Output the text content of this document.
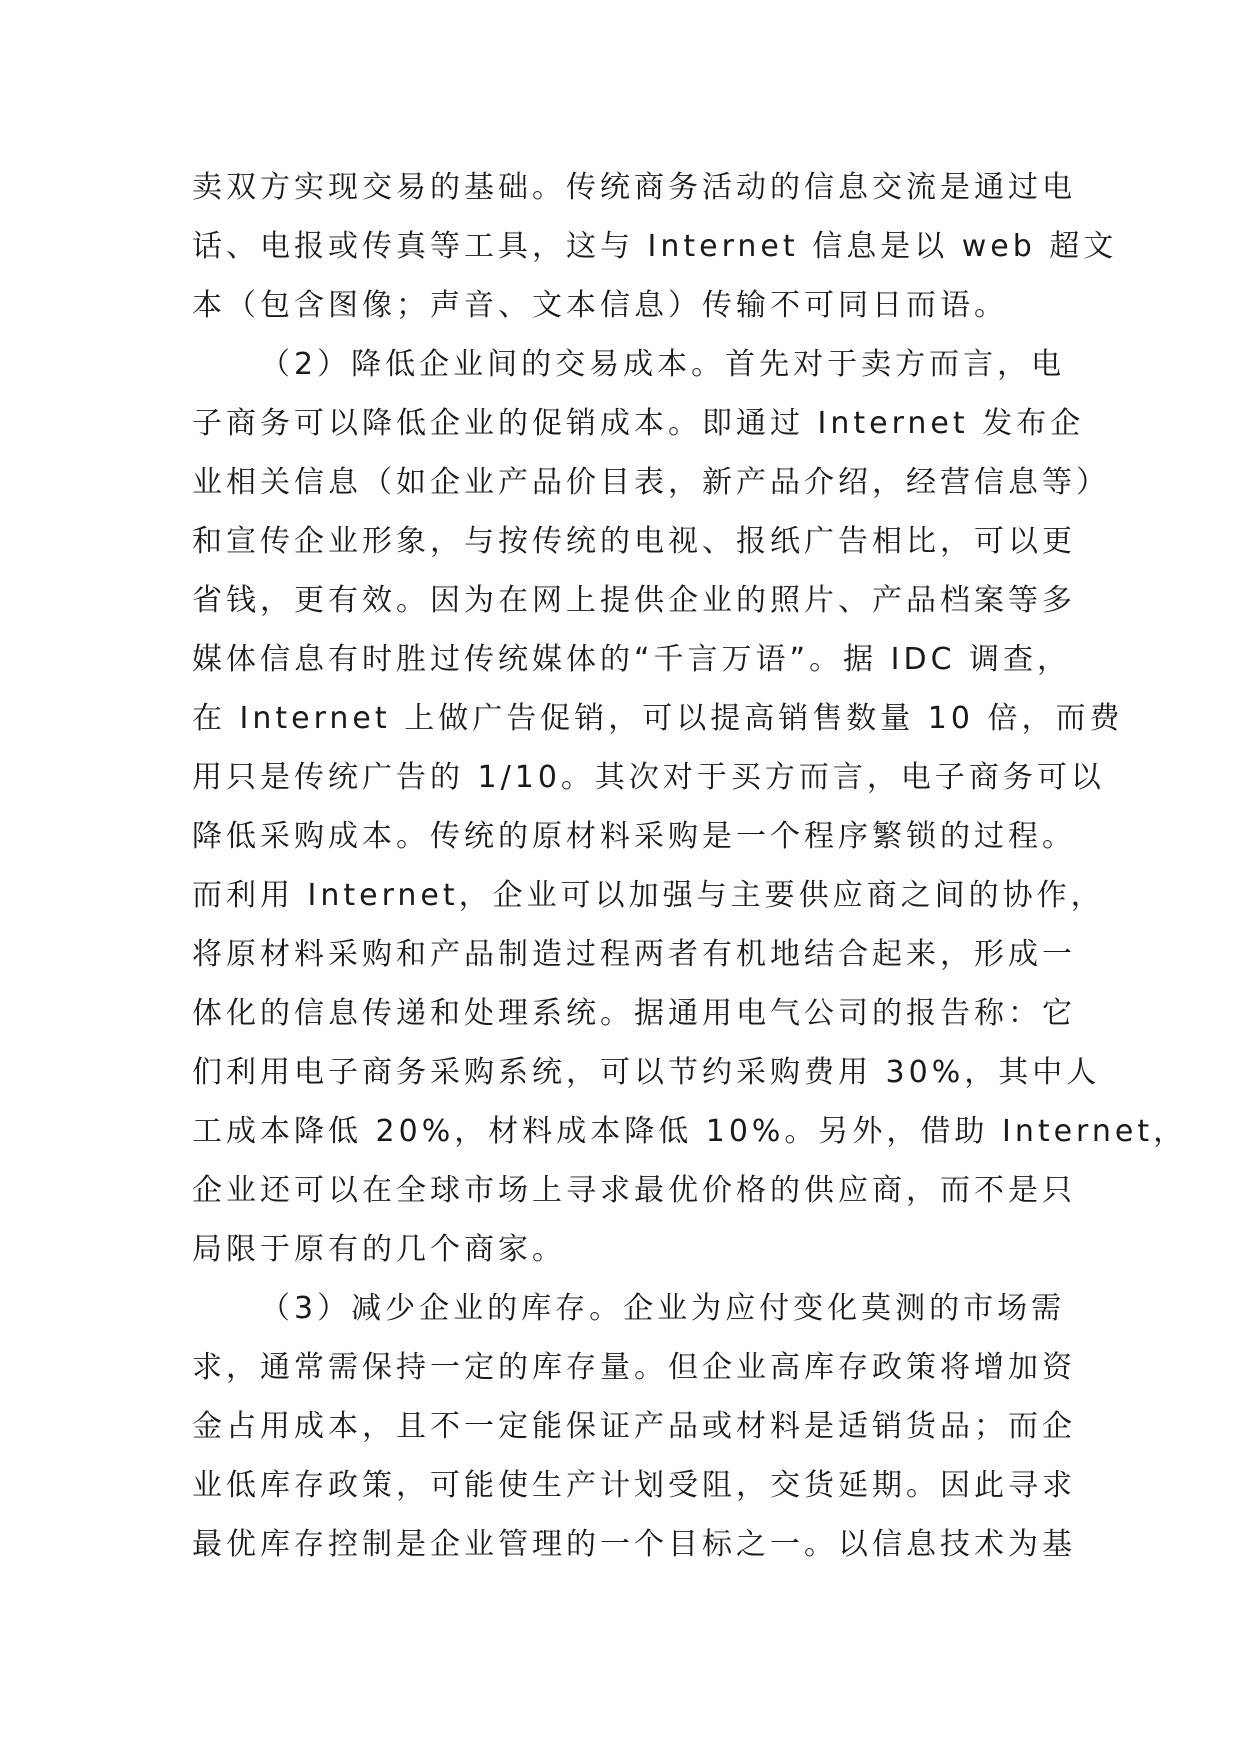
卖双方实现交易的基础。传统商务活动的信息交流是通过电
话、电报或传真等工具，这与 Internet 信息是以 web 超文
本（包含图像；声音、文本信息）传输不可同日而语。
（2）降低企业间的交易成本。首先对于卖方而言，电
子商务可以降低企业的促销成本。即通过 Internet 发布企
业相关信息（如企业产品价目表，新产品介绍，经营信息等）
和宣传企业形象，与按传统的电视、报纸广告相比，可以更
省钱，更有效。因为在网上提供企业的照片、产品档案等多
媒体信息有时胜过传统媒体的“千言万语”。据 IDC 调查，
在 Internet 上做广告促销，可以提高销售数量 10 倍，而费
用只是传统广告的 1/10。其次对于买方而言，电子商务可以
降低采购成本。传统的原材料采购是一个程序繁锁的过程。
而利用 Internet，企业可以加强与主要供应商之间的协作，
将原材料采购和产品制造过程两者有机地结合起来，形成一
体化的信息传递和处理系统。据通用电气公司的报告称：它
们利用电子商务采购系统，可以节约采购费用 30%，其中人
工成本降低 20%，材料成本降低 10%。另外，借助 Internet，
企业还可以在全球市场上寻求最优价格的供应商，而不是只
局限于原有的几个商家。
（3）减少企业的库存。企业为应付变化莫测的市场需
求，通常需保持一定的库存量。但企业高库存政策将增加资
金占用成本，且不一定能保证产品或材料是适销货品；而企
业低库存政策，可能使生产计划受阻，交货延期。因此寻求
最优库存控制是企业管理的一个目标之一。以信息技术为基
